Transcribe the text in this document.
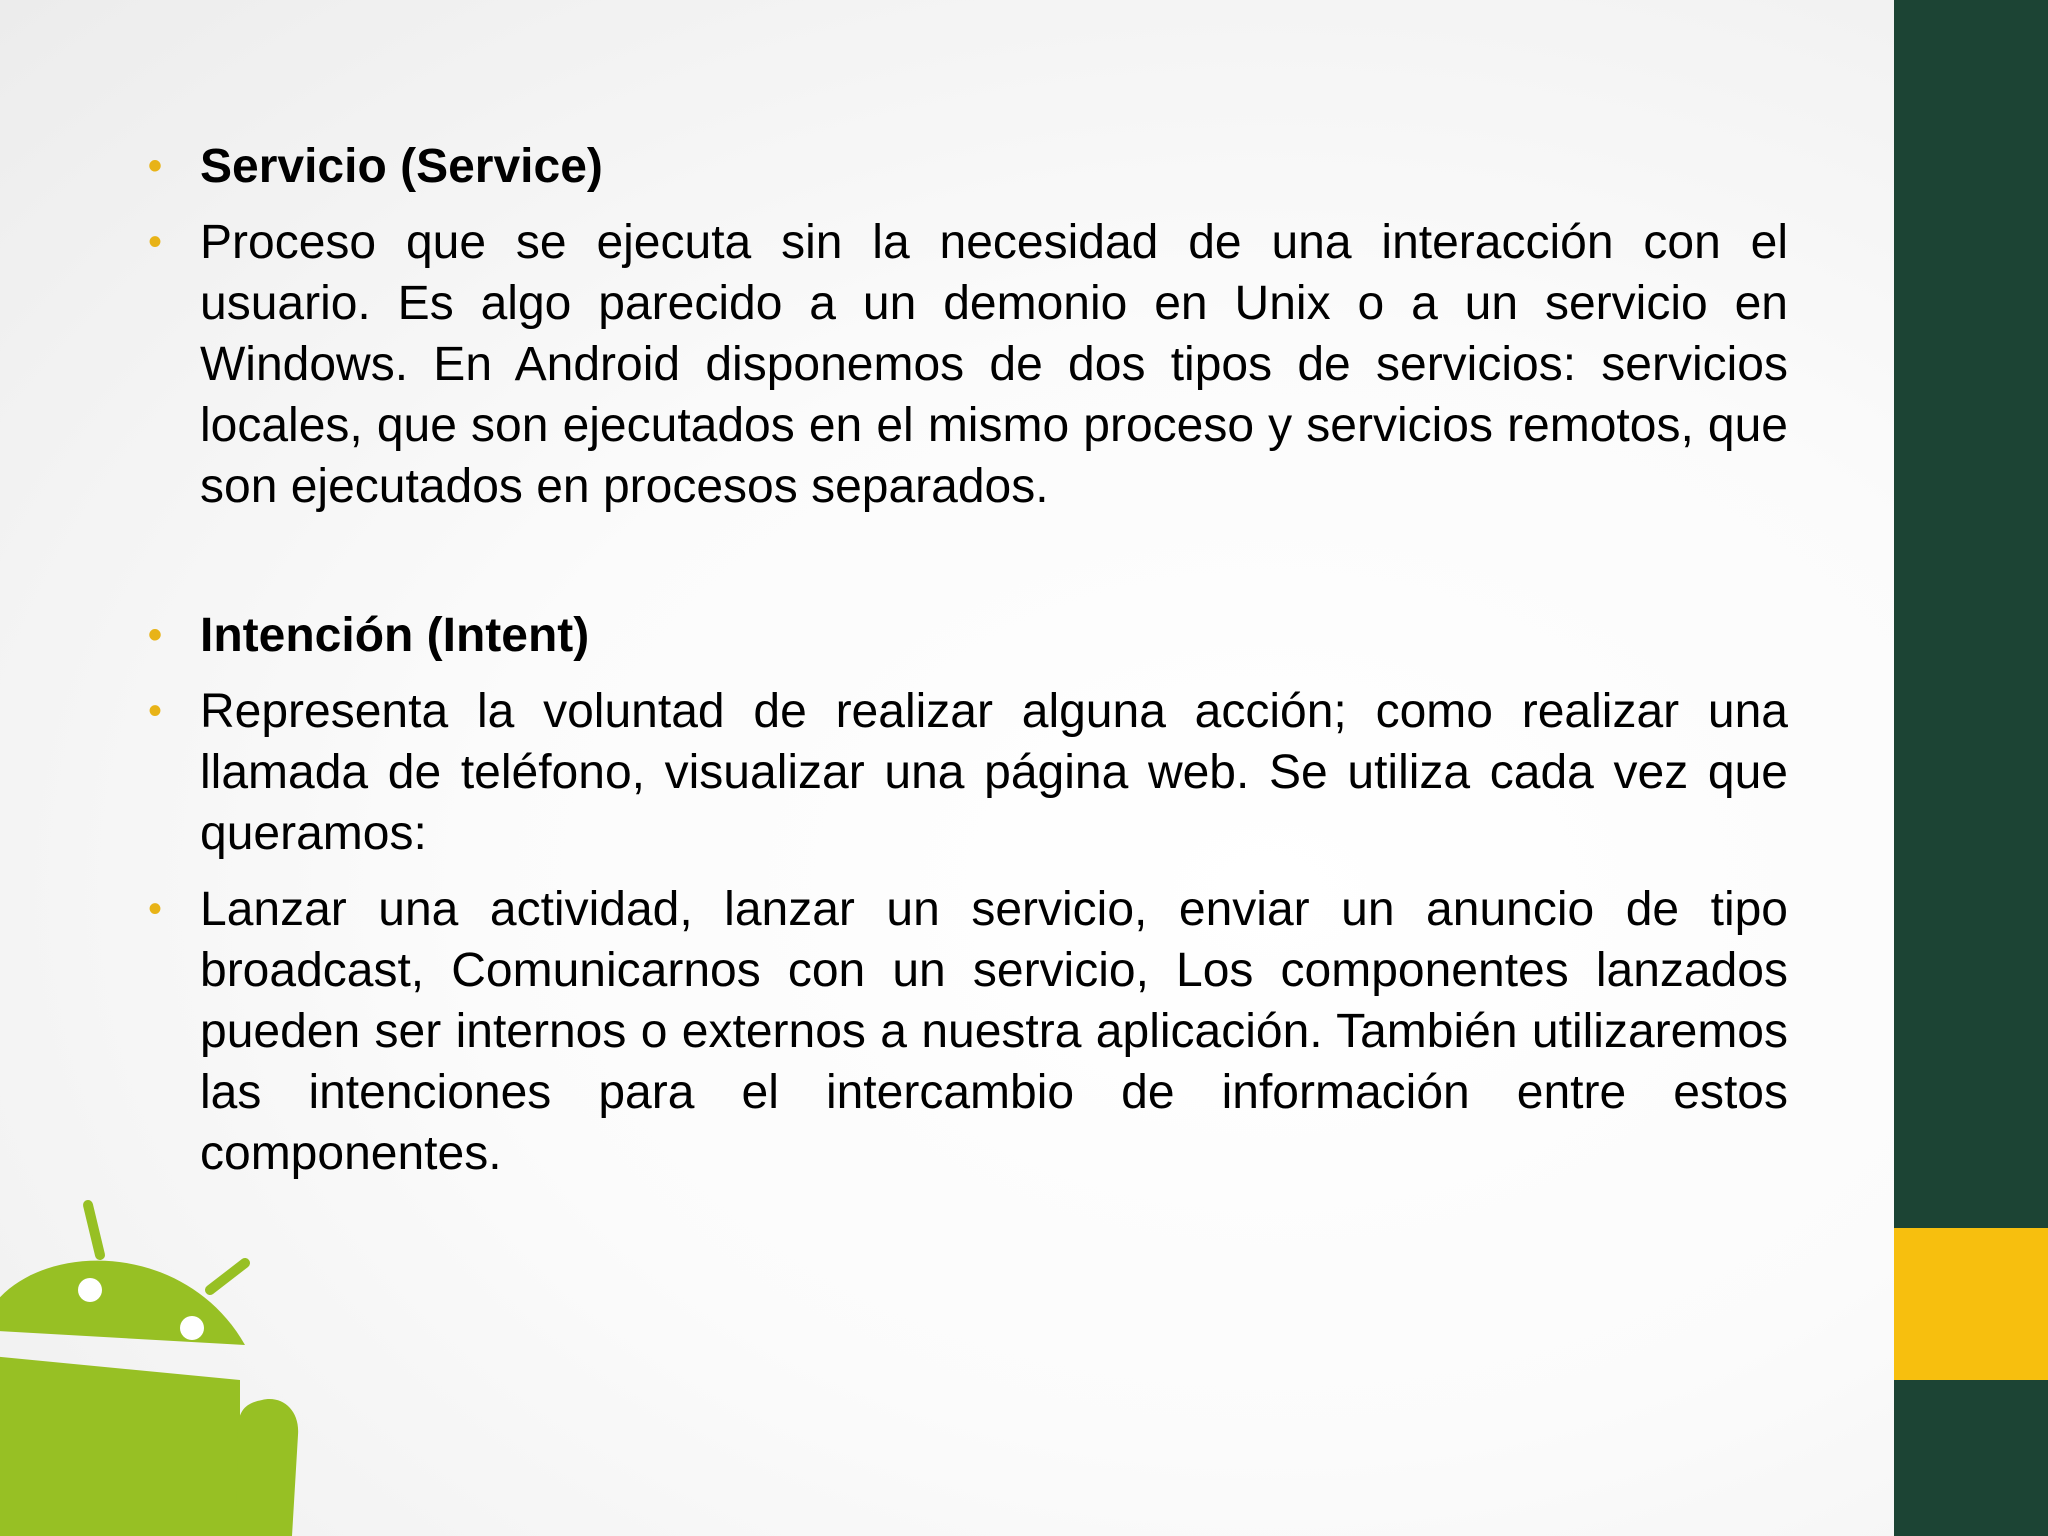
• Servicio (Service)

• Proceso que se ejecuta sin la necesidad de una interacción con el usuario. Es algo parecido a un demonio en Unix o a un servicio en Windows. En Android disponemos de dos tipos de servicios: servicios locales, que son ejecutados en el mismo proceso y servicios remotos, que son ejecutados en procesos separados.

• Intención (Intent)

• Representa la voluntad de realizar alguna acción; como realizar una llamada de teléfono, visualizar una página web. Se utiliza cada vez que queramos:

• Lanzar una actividad, lanzar un servicio, enviar un anuncio de tipo broadcast, Comunicarnos con un servicio, Los componentes lanzados pueden ser internos o externos a nuestra aplicación. También utilizaremos las intenciones para el intercambio de información entre estos componentes.
